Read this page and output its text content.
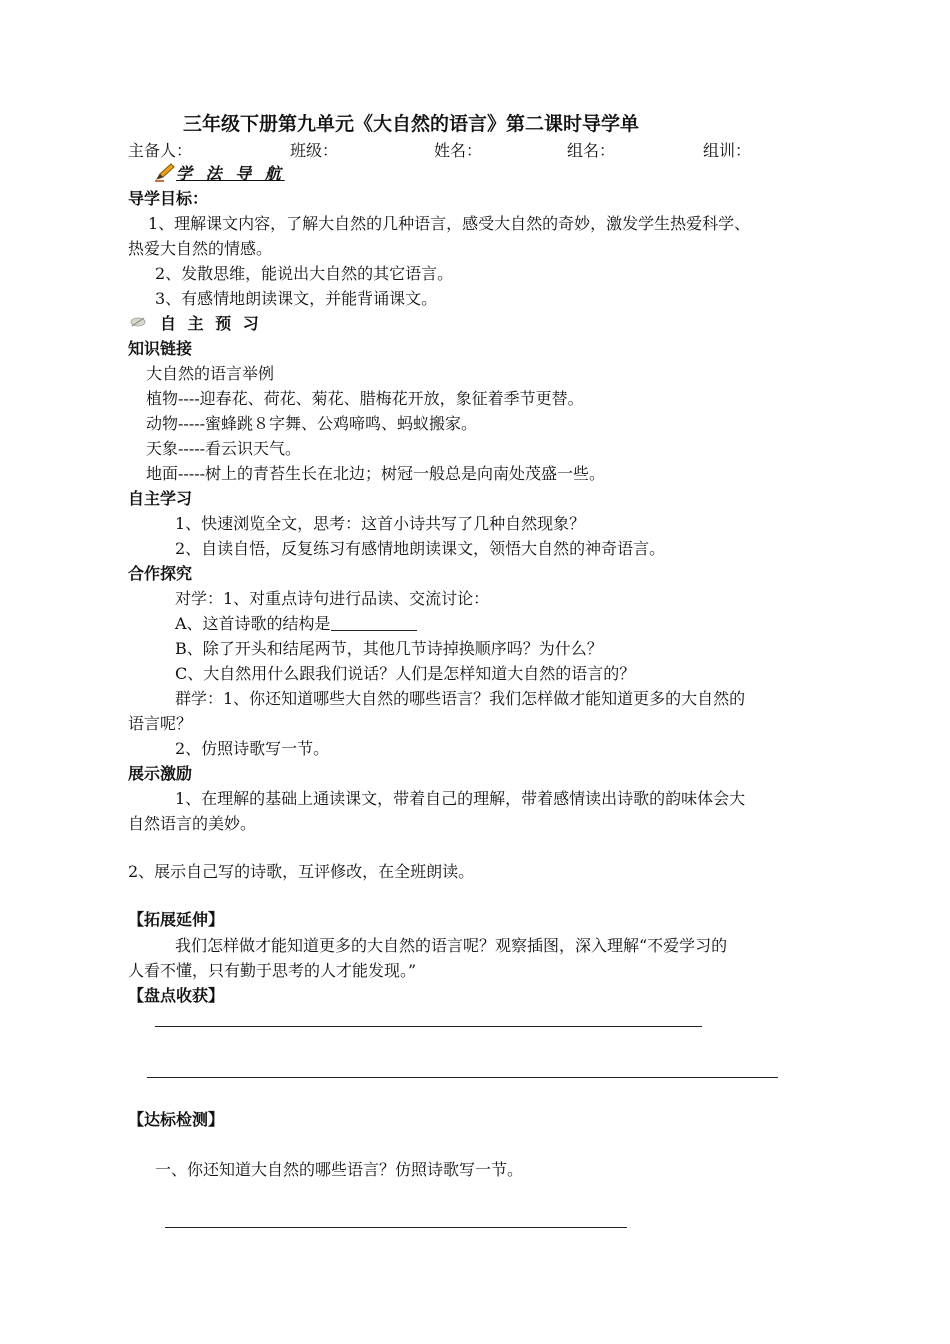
三年级下册第九单元《大自然的语言》第二课时导学单
主备人：	班级：	姓名：	组名：	组训：
学 法 导 航
导学目标：
1、理解课文内容，了解大自然的几种语言，感受大自然的奇妙，激发学生热爱科学、
热爱大自然的情感。
2、发散思维，能说出大自然的其它语言。
3、有感情地朗读课文，并能背诵课文。
自 主 预 习
知识链接
大自然的语言举例
植物----迎春花、荷花、菊花、腊梅花开放，象征着季节更替。
动物-----蜜蜂跳８字舞、公鸡啼鸣、蚂蚁搬家。
天象-----看云识天气。
地面-----树上的青苔生长在北边；树冠一般总是向南处茂盛一些。
自主学习
1、快速浏览全文，思考：这首小诗共写了几种自然现象？
2、自读自悟，反复练习有感情地朗读课文，领悟大自然的神奇语言。
合作探究
对学：1、对重点诗句进行品读、交流讨论：
A、这首诗歌的结构是
B、除了开头和结尾两节，其他几节诗掉换顺序吗？为什么？
C、大自然用什么跟我们说话？人们是怎样知道大自然的语言的？
群学：1、你还知道哪些大自然的哪些语言？我们怎样做才能知道更多的大自然的
语言呢？
2、仿照诗歌写一节。
展示激励
1、在理解的基础上通读课文，带着自己的理解，带着感情读出诗歌的韵味体会大
自然语言的美妙。
2、展示自己写的诗歌，互评修改，在全班朗读。
【拓展延伸】
我们怎样做才能知道更多的大自然的语言呢？观察插图，深入理解“不爱学习的
人看不懂，只有勤于思考的人才能发现。”
【盘点收获】
【达标检测】
一、你还知道大自然的哪些语言？仿照诗歌写一节。
